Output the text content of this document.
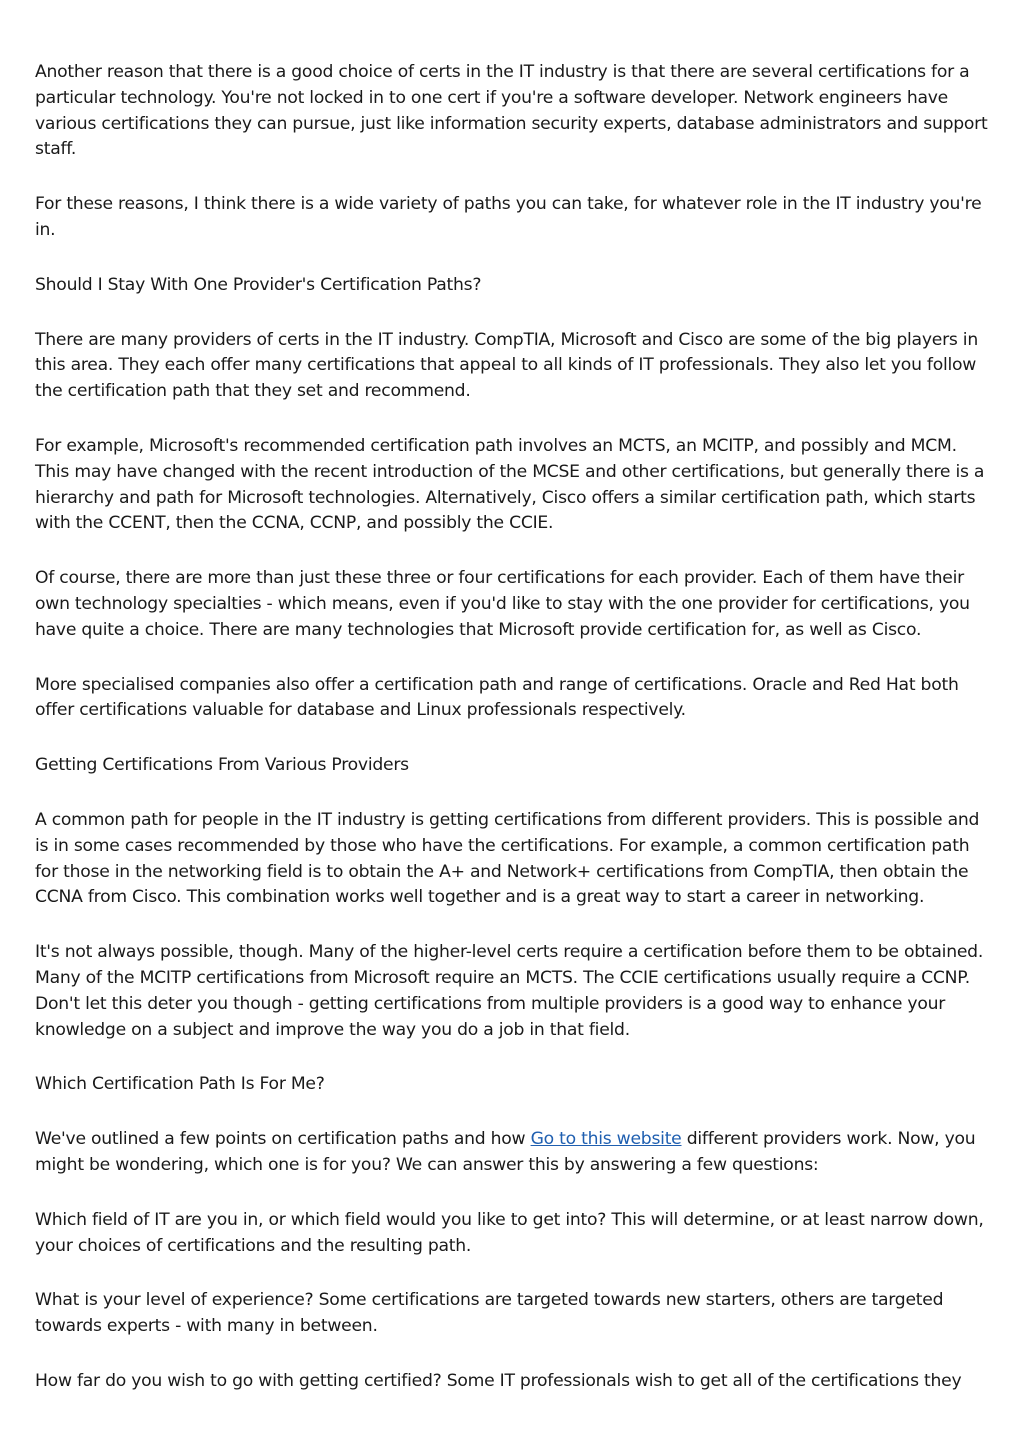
Another reason that there is a good choice of certs in the IT industry is that there are several certifications for a particular technology. You're not locked in to one cert if you're a software developer. Network engineers have various certifications they can pursue, just like information security experts, database administrators and support staff.

For these reasons, I think there is a wide variety of paths you can take, for whatever role in the IT industry you're in.

Should I Stay With One Provider's Certification Paths?

There are many providers of certs in the IT industry. CompTIA, Microsoft and Cisco are some of the big players in this area. They each offer many certifications that appeal to all kinds of IT professionals. They also let you follow the certification path that they set and recommend.

For example, Microsoft's recommended certification path involves an MCTS, an MCITP, and possibly and MCM. This may have changed with the recent introduction of the MCSE and other certifications, but generally there is a hierarchy and path for Microsoft technologies. Alternatively, Cisco offers a similar certification path, which starts with the CCENT, then the CCNA, CCNP, and possibly the CCIE.

Of course, there are more than just these three or four certifications for each provider. Each of them have their own technology specialties - which means, even if you'd like to stay with the one provider for certifications, you have quite a choice. There are many technologies that Microsoft provide certification for, as well as Cisco.

More specialised companies also offer a certification path and range of certifications. Oracle and Red Hat both offer certifications valuable for database and Linux professionals respectively.

Getting Certifications From Various Providers

A common path for people in the IT industry is getting certifications from different providers. This is possible and is in some cases recommended by those who have the certifications. For example, a common certification path for those in the networking field is to obtain the A+ and Network+ certifications from CompTIA, then obtain the CCNA from Cisco. This combination works well together and is a great way to start a career in networking.

It's not always possible, though. Many of the higher-level certs require a certification before them to be obtained. Many of the MCITP certifications from Microsoft require an MCTS. The CCIE certifications usually require a CCNP. Don't let this deter you though - getting certifications from multiple providers is a good way to enhance your knowledge on a subject and improve the way you do a job in that field.

Which Certification Path Is For Me?

We've outlined a few points on certification paths and how Go to this website different providers work. Now, you might be wondering, which one is for you? We can answer this by answering a few questions:

Which field of IT are you in, or which field would you like to get into? This will determine, or at least narrow down, your choices of certifications and the resulting path.

What is your level of experience? Some certifications are targeted towards new starters, others are targeted towards experts - with many in between.

How far do you wish to go with getting certified? Some IT professionals wish to get all of the certifications they
